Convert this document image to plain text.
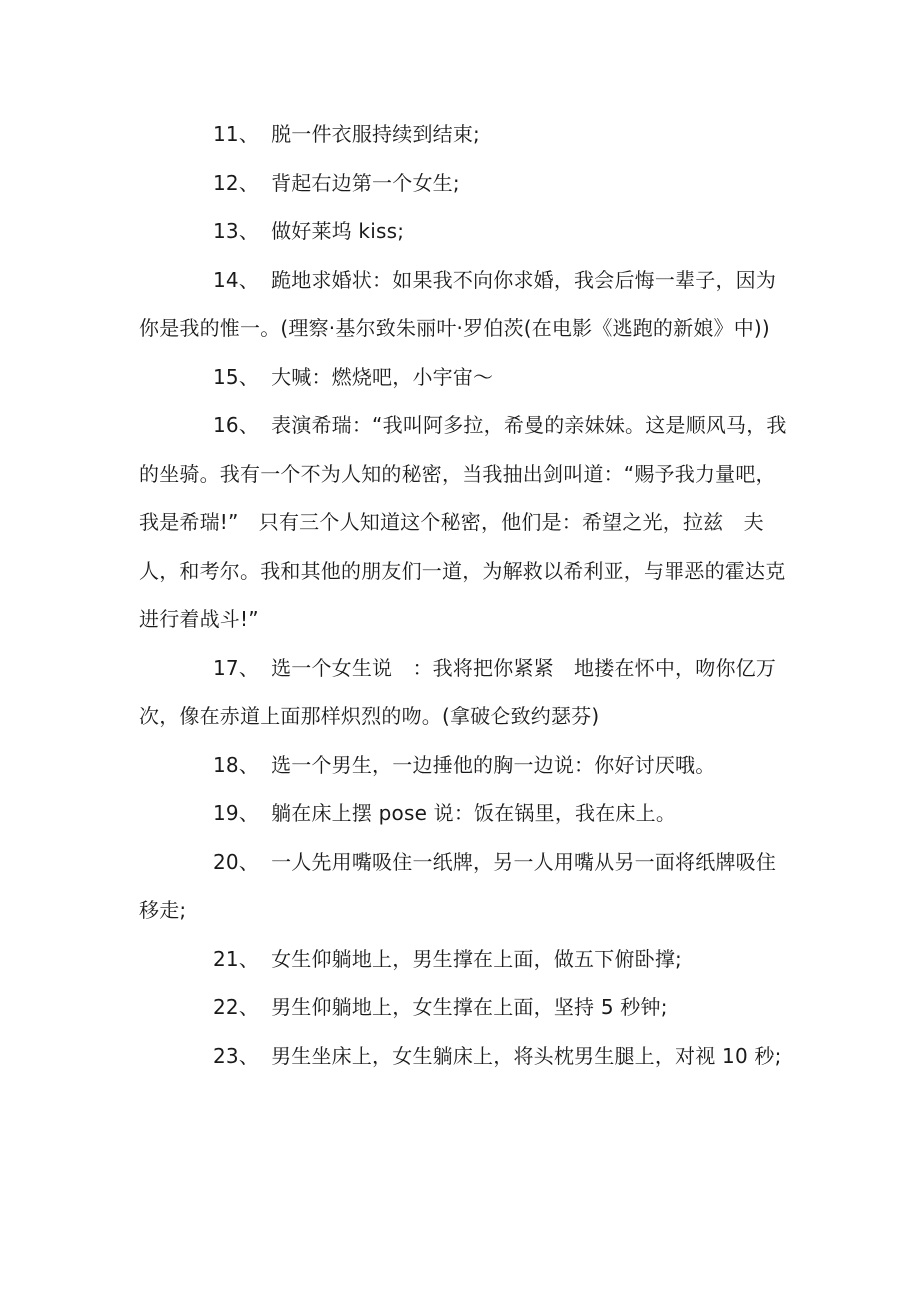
11、 脱一件衣服持续到结束;

12、 背起右边第一个女生;

13、 做好莱坞 kiss;

14、 跪地求婚状：如果我不向你求婚，我会后悔一辈子，因为你是我的惟一。(理察·基尔致朱丽叶·罗伯茨(在电影《逃跑的新娘》中))

15、 大喊：燃烧吧，小宇宙～

16、 表演希瑞：“我叫阿多拉，希曼的亲妹妹。这是顺风马，我的坐骑。我有一个不为人知的秘密，当我抽出剑叫道：“赐予我力量吧，我是希瑞!”　只有三个人知道这个秘密，他们是：希望之光，拉兹　夫人，和考尔。我和其他的朋友们一道，为解救以希利亚，与罪恶的霍达克进行着战斗!”

17、 选一个女生说　：我将把你紧紧　地搂在怀中，吻你亿万次，像在赤道上面那样炽烈的吻。(拿破仑致约瑟芬)

18、 选一个男生，一边捶他的胸一边说：你好讨厌哦。

19、 躺在床上摆 pose 说：饭在锅里，我在床上。

20、 一人先用嘴吸住一纸牌，另一人用嘴从另一面将纸牌吸住移走;

21、 女生仰躺地上，男生撑在上面，做五下俯卧撑;

22、 男生仰躺地上，女生撑在上面，坚持 5 秒钟;

23、 男生坐床上，女生躺床上，将头枕男生腿上，对视 10 秒;
